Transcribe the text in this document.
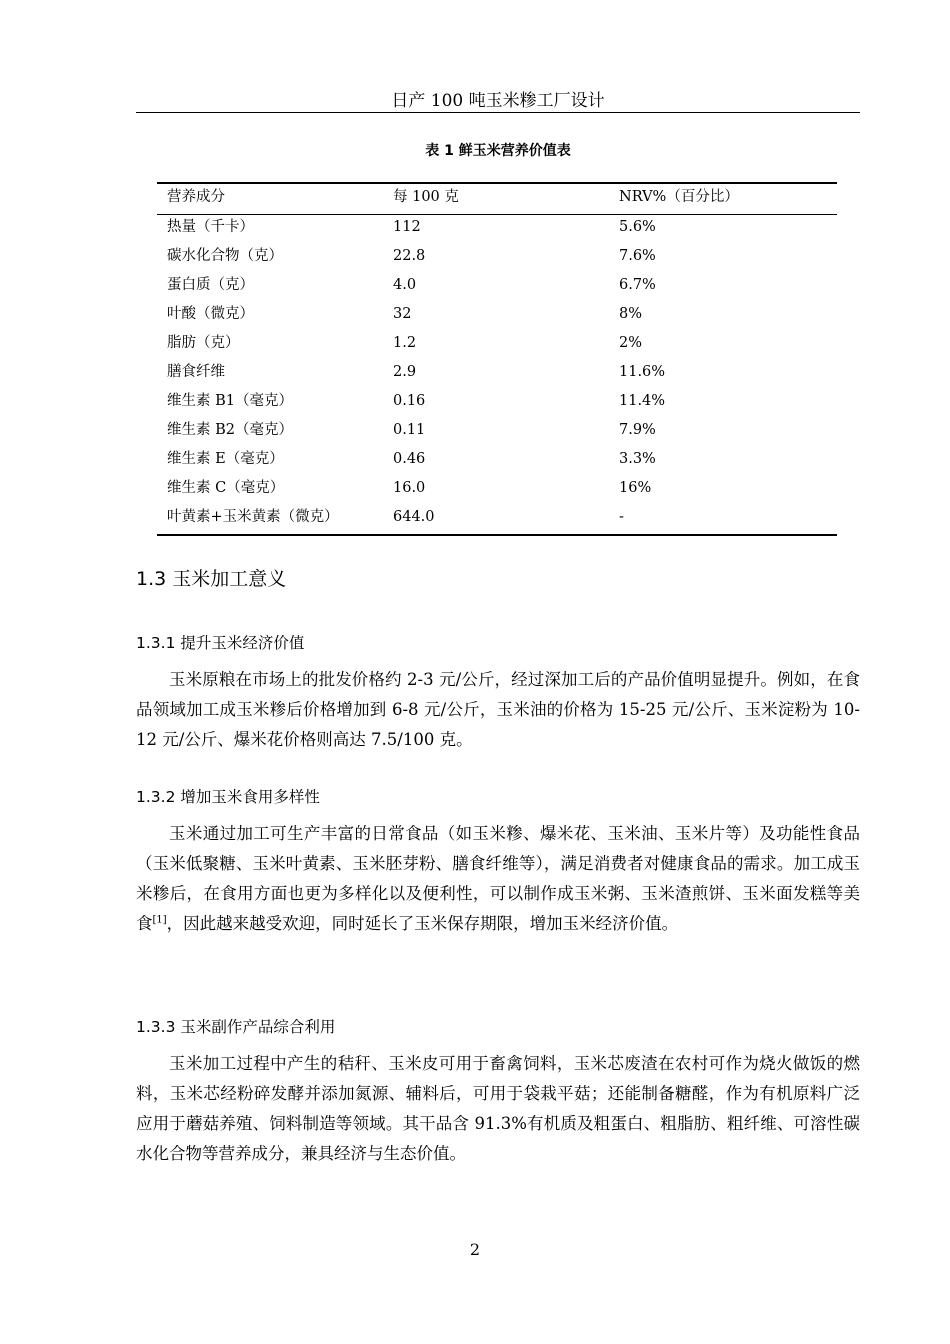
日产 100 吨玉米糁工厂设计
表 1 鲜玉米营养价值表
营养成分	每 100 克	NRV%（百分比）
热量（千卡）	112	5.6%
碳水化合物（克）	22.8	7.6%
蛋白质（克）	4.0	6.7%
叶酸（微克）	32	8%
脂肪（克）	1.2	2%
膳食纤维	2.9	11.6%
维生素 B1（毫克）	0.16	11.4%
维生素 B2（毫克）	0.11	7.9%
维生素 E（毫克）	0.46	3.3%
维生素 C（毫克）	16.0	16%
叶黄素+玉米黄素（微克）	644.0	-
1.3 玉米加工意义
1.3.1 提升玉米经济价值
玉米原粮在市场上的批发价格约 2-3 元/公斤，经过深加工后的产品价值明显提升。例如，在食品领域加工成玉米糁后价格增加到 6-8 元/公斤，玉米油的价格为 15-25 元/公斤、玉米淀粉为 10-12 元/公斤、爆米花价格则高达 7.5/100 克。
1.3.2 增加玉米食用多样性
玉米通过加工可生产丰富的日常食品（如玉米糁、爆米花、玉米油、玉米片等）及功能性食品（玉米低聚糖、玉米叶黄素、玉米胚芽粉、膳食纤维等），满足消费者对健康食品的需求。加工成玉米糁后，在食用方面也更为多样化以及便利性，可以制作成玉米粥、玉米渣煎饼、玉米面发糕等美食[1]，因此越来越受欢迎，同时延长了玉米保存期限，增加玉米经济价值。
1.3.3 玉米副作产品综合利用
玉米加工过程中产生的秸秆、玉米皮可用于畜禽饲料，玉米芯废渣在农村可作为烧火做饭的燃料，玉米芯经粉碎发酵并添加氮源、辅料后，可用于袋栽平菇；还能制备糖醛，作为有机原料广泛应用于蘑菇养殖、饲料制造等领域。其干品含 91.3%有机质及粗蛋白、粗脂肪、粗纤维、可溶性碳水化合物等营养成分，兼具经济与生态价值。
2
